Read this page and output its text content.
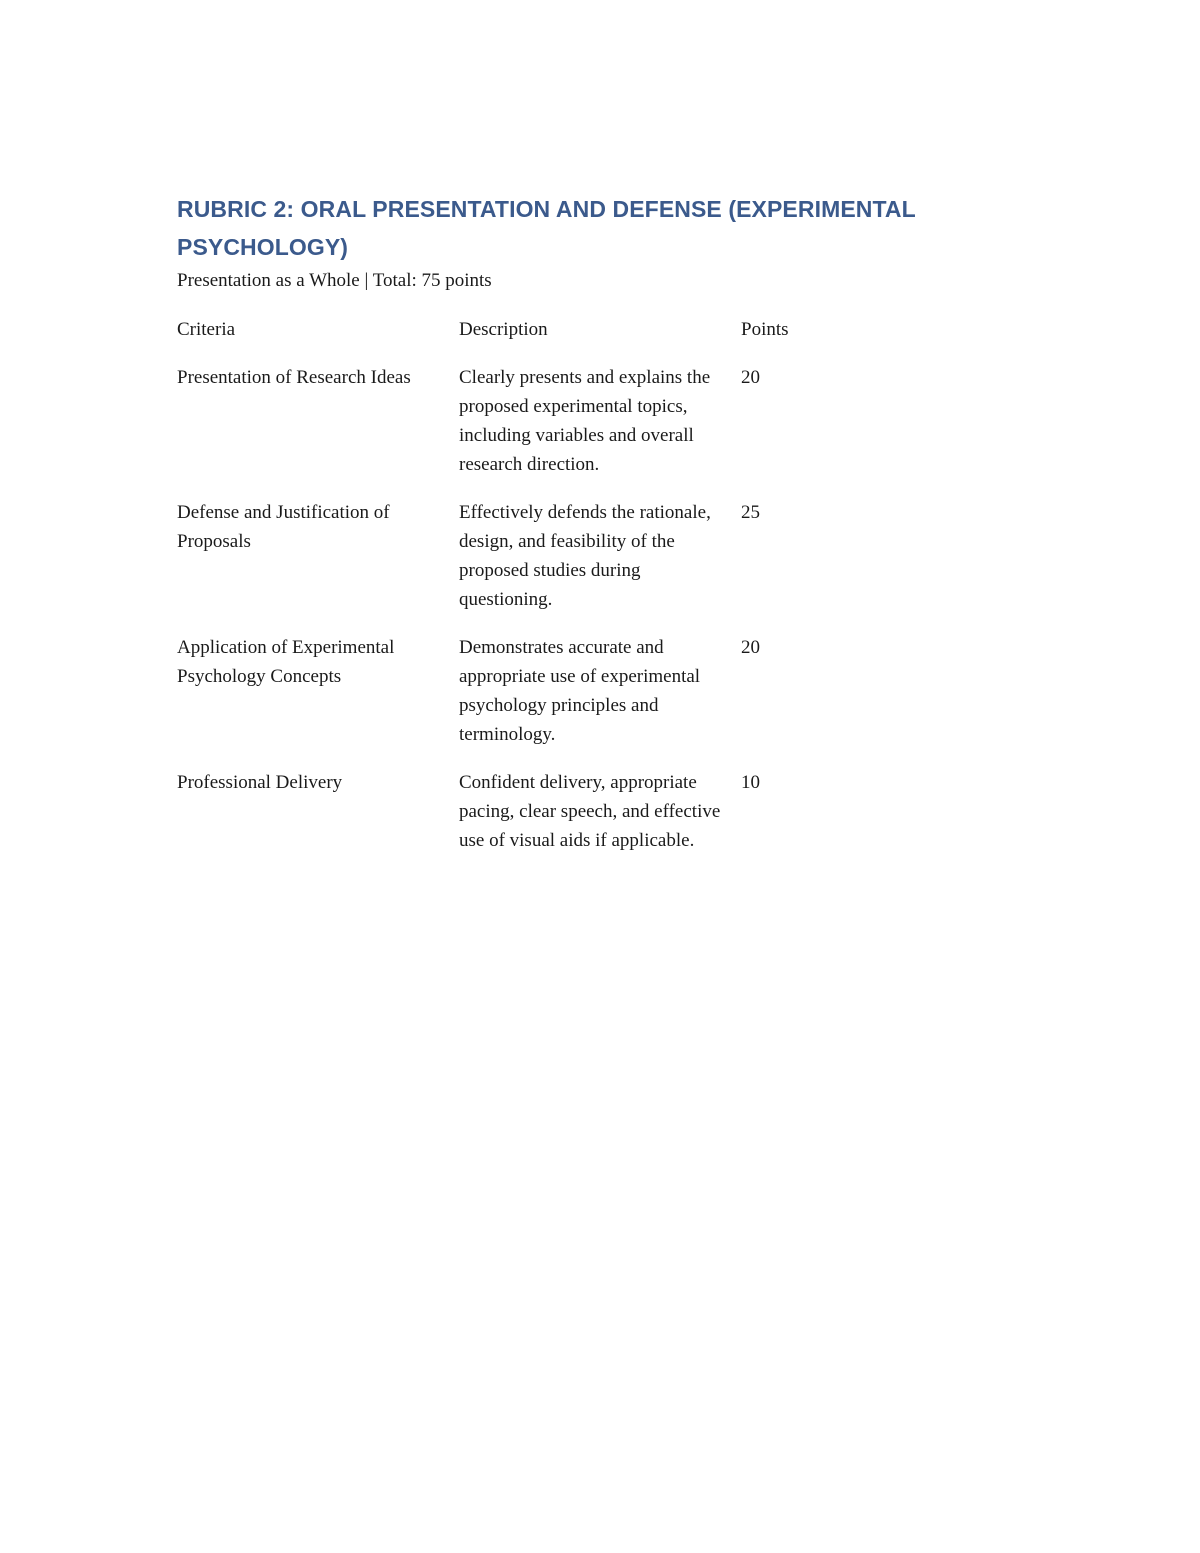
RUBRIC 2: ORAL PRESENTATION AND DEFENSE (EXPERIMENTAL PSYCHOLOGY)

Presentation as a Whole | Total: 75 points

Criteria	Description	Points

Presentation of Research Ideas	Clearly presents and explains the proposed experimental topics, including variables and overall research direction.	20

Defense and Justification of Proposals	Effectively defends the rationale, design, and feasibility of the proposed studies during questioning.	25

Application of Experimental Psychology Concepts	Demonstrates accurate and appropriate use of experimental psychology principles and terminology.	20

Professional Delivery	Confident delivery, appropriate pacing, clear speech, and effective use of visual aids if applicable.	10
